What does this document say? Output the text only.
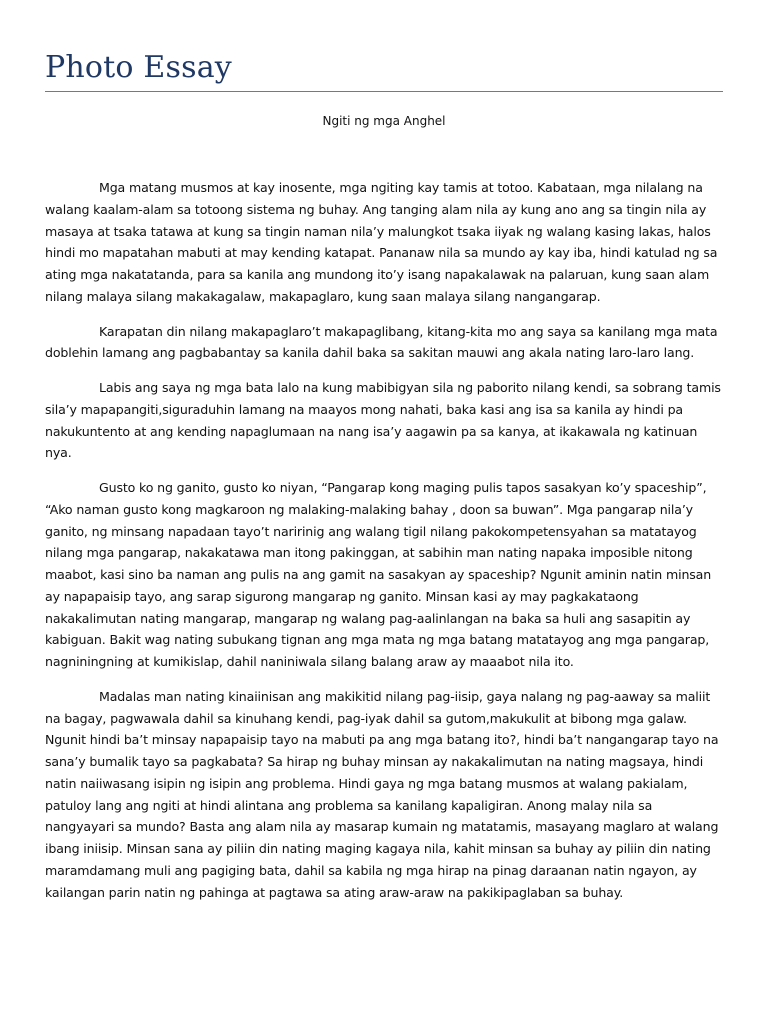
Photo Essay

Ngiti ng mga Anghel

Mga matang musmos at kay inosente, mga ngiting kay tamis at totoo. Kabataan, mga nilalang na walang kaalam-alam sa totoong sistema ng buhay. Ang tanging alam nila ay kung ano ang sa tingin nila ay masaya at tsaka tatawa at kung sa tingin naman nila’y malungkot tsaka iiyak ng walang kasing lakas, halos hindi mo mapatahan mabuti at may kending katapat. Pananaw nila sa mundo ay kay iba, hindi katulad ng sa ating mga nakatatanda, para sa kanila ang mundong ito’y isang napakalawak na palaruan, kung saan alam nilang malaya silang makakagalaw, makapaglaro, kung saan malaya silang nangangarap.

Karapatan din nilang makapaglaro’t makapaglibang, kitang-kita mo ang saya sa kanilang mga mata doblehin lamang ang pagbabantay sa kanila dahil baka sa sakitan mauwi ang akala nating laro-laro lang.

Labis ang saya ng mga bata lalo na kung mabibigyan sila ng paborito nilang kendi, sa sobrang tamis sila’y mapapangiti,siguraduhin lamang na maayos mong nahati, baka kasi ang isa sa kanila ay hindi pa nakukuntento at ang kending napaglumaan na nang isa’y aagawin pa sa kanya, at ikakawala ng katinuan nya.

Gusto ko ng ganito, gusto ko niyan, “Pangarap kong maging pulis tapos sasakyan ko’y spaceship”, “Ako naman gusto kong magkaroon ng malaking-malaking bahay , doon sa buwan”. Mga pangarap nila’y ganito, ng minsang napadaan tayo’t naririnig ang walang tigil nilang pakokompetensyahan sa matatayog nilang mga pangarap, nakakatawa man itong pakinggan, at sabihin man nating napaka imposible nitong maabot, kasi sino ba naman ang pulis na ang gamit na sasakyan ay spaceship? Ngunit aminin natin minsan ay napapaisip tayo, ang sarap sigurong mangarap ng ganito. Minsan kasi ay may pagkakataong nakakalimutan nating mangarap, mangarap ng walang pag-aalinlangan na baka sa huli ang sasapitin ay kabiguan. Bakit wag nating subukang tignan ang mga mata ng mga batang matatayog ang mga pangarap, nagniningning at kumikislap, dahil naniniwala silang balang araw ay maaabot nila ito.

Madalas man nating kinaiinisan ang makikitid nilang pag-iisip, gaya nalang ng pag-aaway sa maliit na bagay, pagwawala dahil sa kinuhang kendi, pag-iyak dahil sa gutom,makukulit at bibong mga galaw. Ngunit hindi ba’t minsay napapaisip tayo na mabuti pa ang mga batang ito?, hindi ba’t nangangarap tayo na sana’y bumalik tayo sa pagkabata? Sa hirap ng buhay minsan ay nakakalimutan na nating magsaya, hindi natin naiiwasang isipin ng isipin ang problema. Hindi gaya ng mga batang musmos at walang pakialam, patuloy lang ang ngiti at hindi alintana ang problema sa kanilang kapaligiran. Anong malay nila sa nangyayari sa mundo? Basta ang alam nila ay masarap kumain ng matatamis, masayang maglaro at walang ibang iniisip. Minsan sana ay piliin din nating maging kagaya nila, kahit minsan sa buhay ay piliin din nating maramdamang muli ang pagiging bata, dahil sa kabila ng mga hirap na pinag daraanan natin ngayon, ay kailangan parin natin ng pahinga at pagtawa sa ating araw-araw na pakikipaglaban sa buhay.
